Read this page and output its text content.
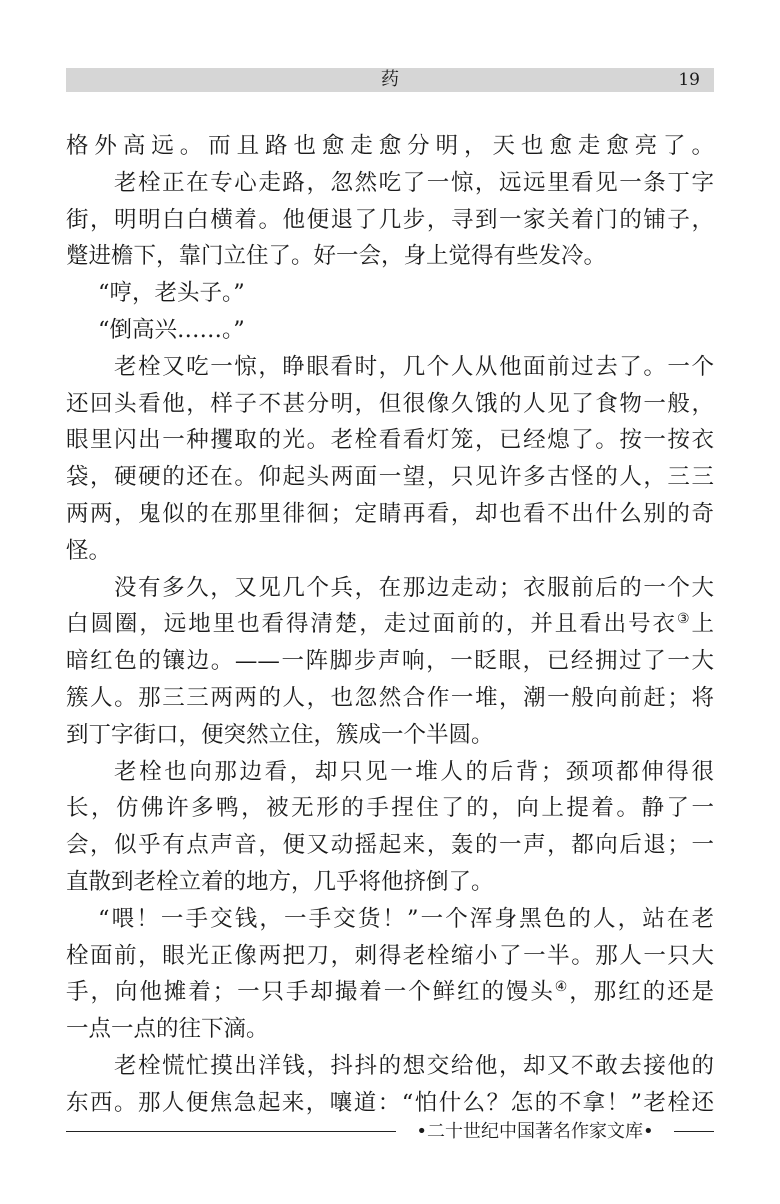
药	19
格外高远。而且路也愈走愈分明，天也愈走愈亮了。
老栓正在专心走路，忽然吃了一惊，远远里看见一条丁字
街，明明白白横着。他便退了几步，寻到一家关着门的铺子，
蹩进檐下，靠门立住了。好一会，身上觉得有些发冷。
“哼，老头子。”
“倒高兴……。”
老栓又吃一惊，睁眼看时，几个人从他面前过去了。一个
还回头看他，样子不甚分明，但很像久饿的人见了食物一般，
眼里闪出一种攫取的光。老栓看看灯笼，已经熄了。按一按衣
袋，硬硬的还在。仰起头两面一望，只见许多古怪的人，三三
两两，鬼似的在那里徘徊；定睛再看，却也看不出什么别的奇
怪。
没有多久，又见几个兵，在那边走动；衣服前后的一个大
白圆圈，远地里也看得清楚，走过面前的，并且看出号衣③上
暗红色的镶边。——一阵脚步声响，一眨眼，已经拥过了一大
簇人。那三三两两的人，也忽然合作一堆，潮一般向前赶；将
到丁字街口，便突然立住，簇成一个半圆。
老栓也向那边看，却只见一堆人的后背；颈项都伸得很
长，仿佛许多鸭，被无形的手捏住了的，向上提着。静了一
会，似乎有点声音，便又动摇起来，轰的一声，都向后退；一
直散到老栓立着的地方，几乎将他挤倒了。
“喂！一手交钱，一手交货！”一个浑身黑色的人，站在老
栓面前，眼光正像两把刀，刺得老栓缩小了一半。那人一只大
手，向他摊着；一只手却撮着一个鲜红的馒头④，那红的还是
一点一点的往下滴。
老栓慌忙摸出洋钱，抖抖的想交给他，却又不敢去接他的
东西。那人便焦急起来，嚷道：“怕什么？怎的不拿！”老栓还
•二十世纪中国著名作家文库•
